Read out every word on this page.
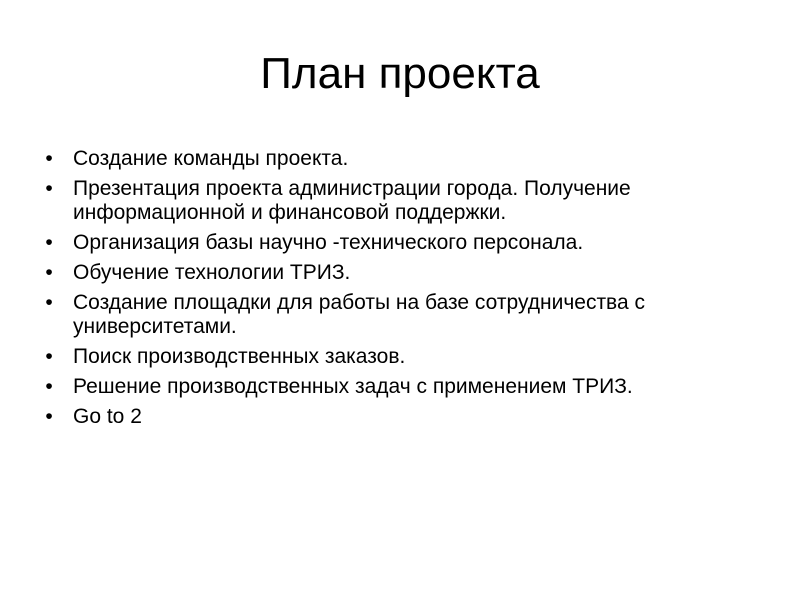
План проекта
• Создание команды проекта.
• Презентация проекта администрации города. Получение информационной и финансовой поддержки.
• Организация базы научно -технического персонала.
• Обучение технологии ТРИЗ.
• Создание площадки для работы на базе сотрудничества с университетами.
• Поиск производственных заказов.
• Решение производственных задач с применением ТРИЗ.
• Go to 2
